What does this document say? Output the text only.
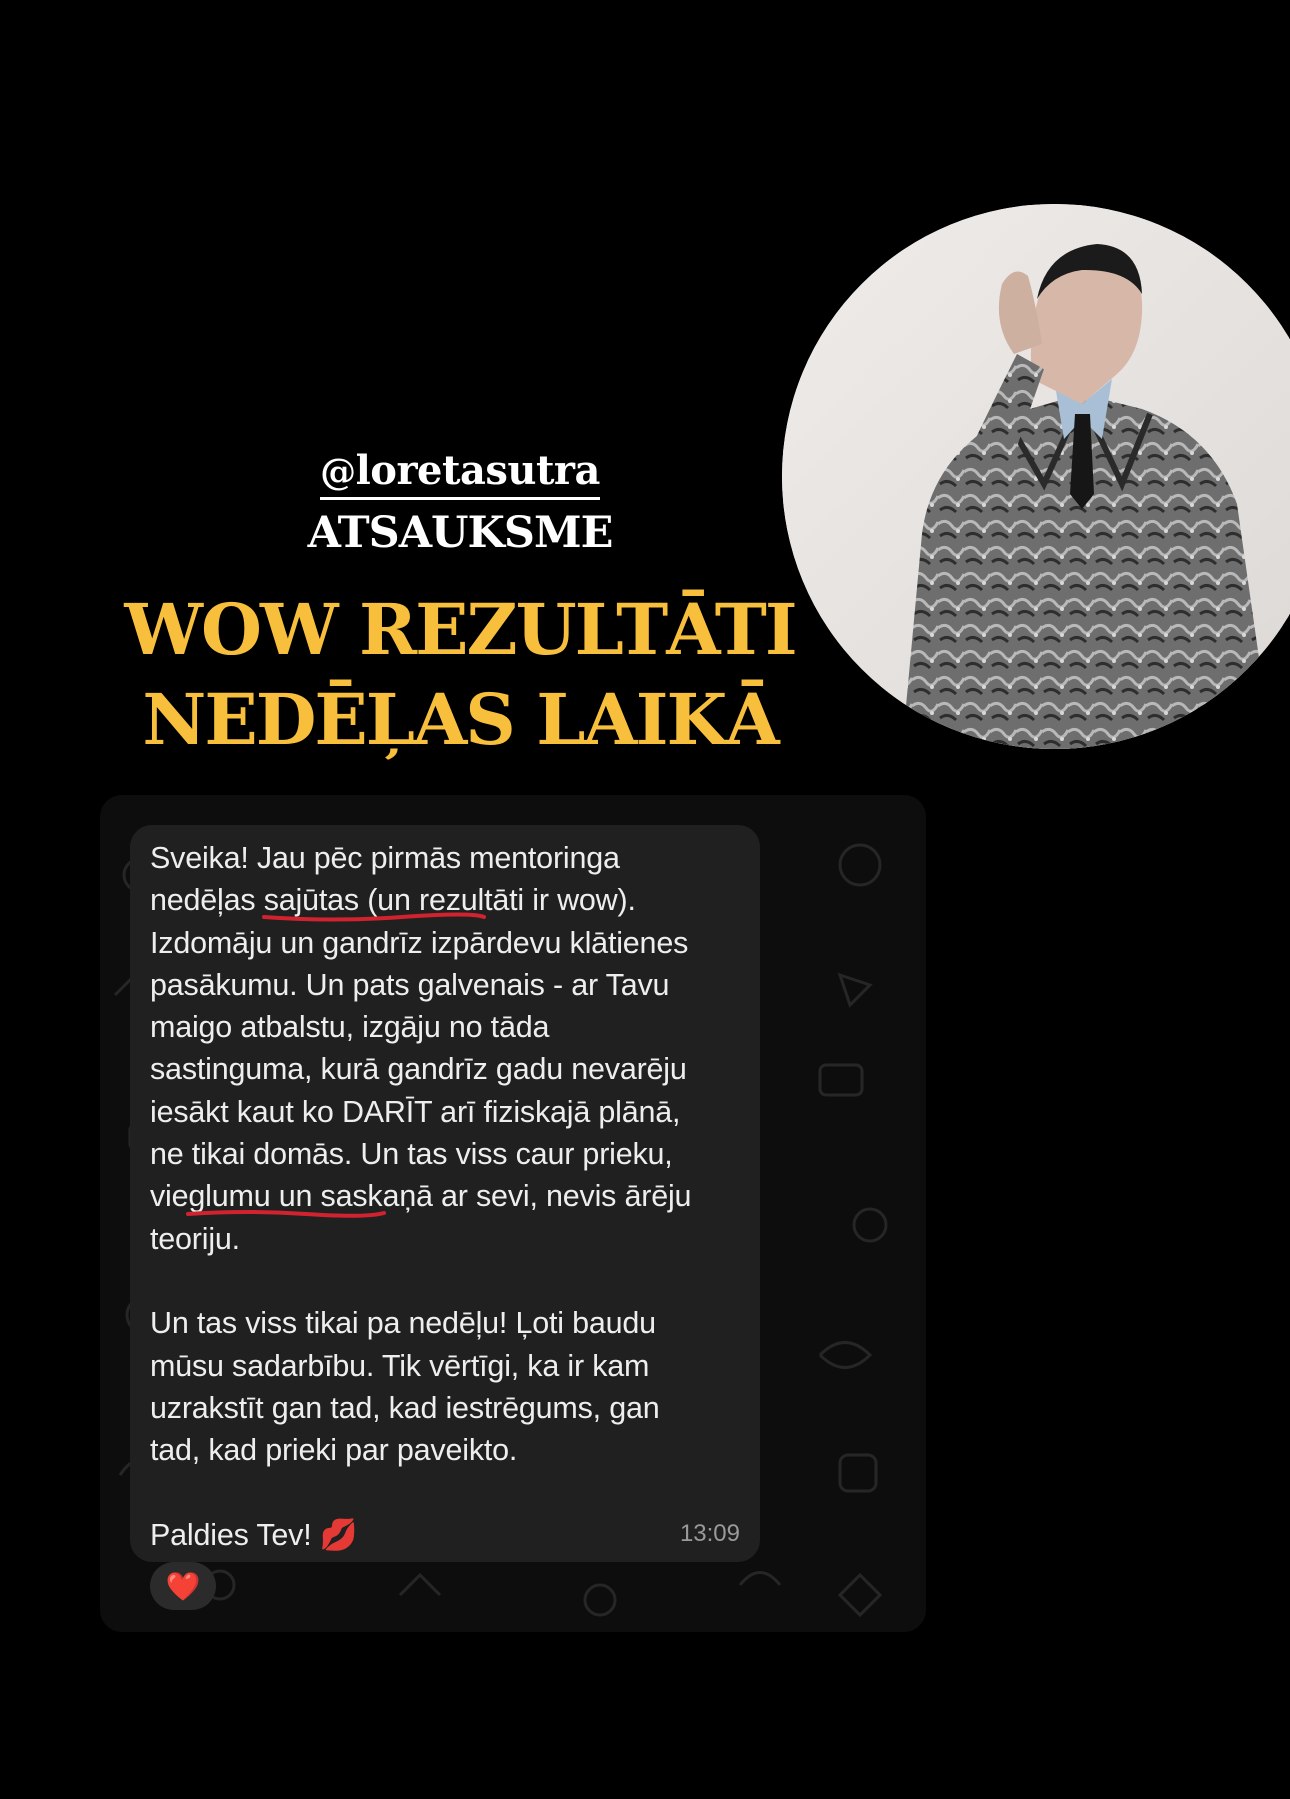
@loretasutra
ATSAUKSME
WOW REZULTĀTI
NEDĒĻAS LAIKĀ

Sveika! Jau pēc pirmās mentoringa

nedēļas sajūtas (un rez
ultāti ir wow).

Izdomāju un gandrīz izpārdevu klātienes

pasākumu. Un pats galvenais - ar Tavu

maigo atbalstu, izgāju no tāda

sastinguma, kurā gandrīz gadu nevarēju

iesākt kaut ko DARĪT arī fiziskajā plānā,

ne tikai domās. Un tas viss caur prieku,

vieglumu un saska
ņā ar sevi, nevis ārēju

teoriju.

Un tas viss tikai pa nedēļu! Ļoti baudu

mūsu sadarbību. Tik vērtīgi, ka ir kam

uzrakstīt gan tad, kad iestrēgums, gan

tad, kad prieki par paveikto.

Paldies Tev! 💋	13:09
❤️
